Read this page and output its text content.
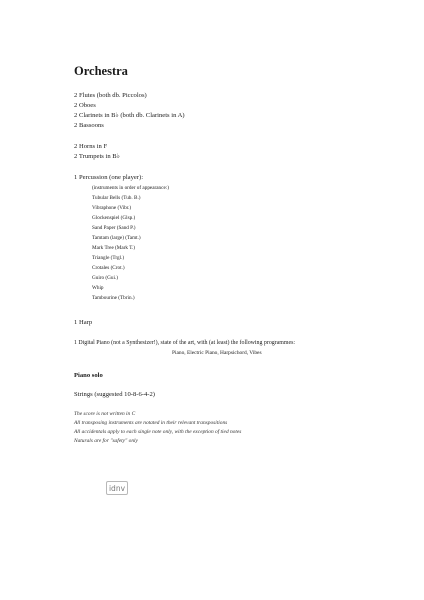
Orchestra
2 Flutes (both db. Piccolos)
2 Oboes
2 Clarinets in B♭ (both db. Clarinets in A)
2 Bassoons
2 Horns in F
2 Trumpets in B♭
1 Percussion (one player):
(instruments in order of appearance:)
Tubular Bells (Tub. B.)
Vibraphone (Vibr.)
Glockenspiel (Glsp.)
Sand Paper (Sand P.)
Tamtam (large) (Tamt.)
Mark Tree (Mark T.)
Triangle (Trgl.)
Crotales (Crot.)
Guiro (Gui.)
Whip
Tambourine (Tbrin.)
1 Harp
1 Digital Piano (not a Synthesizer!), state of the art, with (at least) the following programmes:
Piano, Electric Piano, Harpsichord, Vibes
Piano solo
Strings (suggested 10-8-6-4-2)
The score is not written in C
All transposing instruments are notated in their relevant transpositions
All accidentals apply to each single note only, with the exception of tied notes
Naturals are for "safety" only
idnv
